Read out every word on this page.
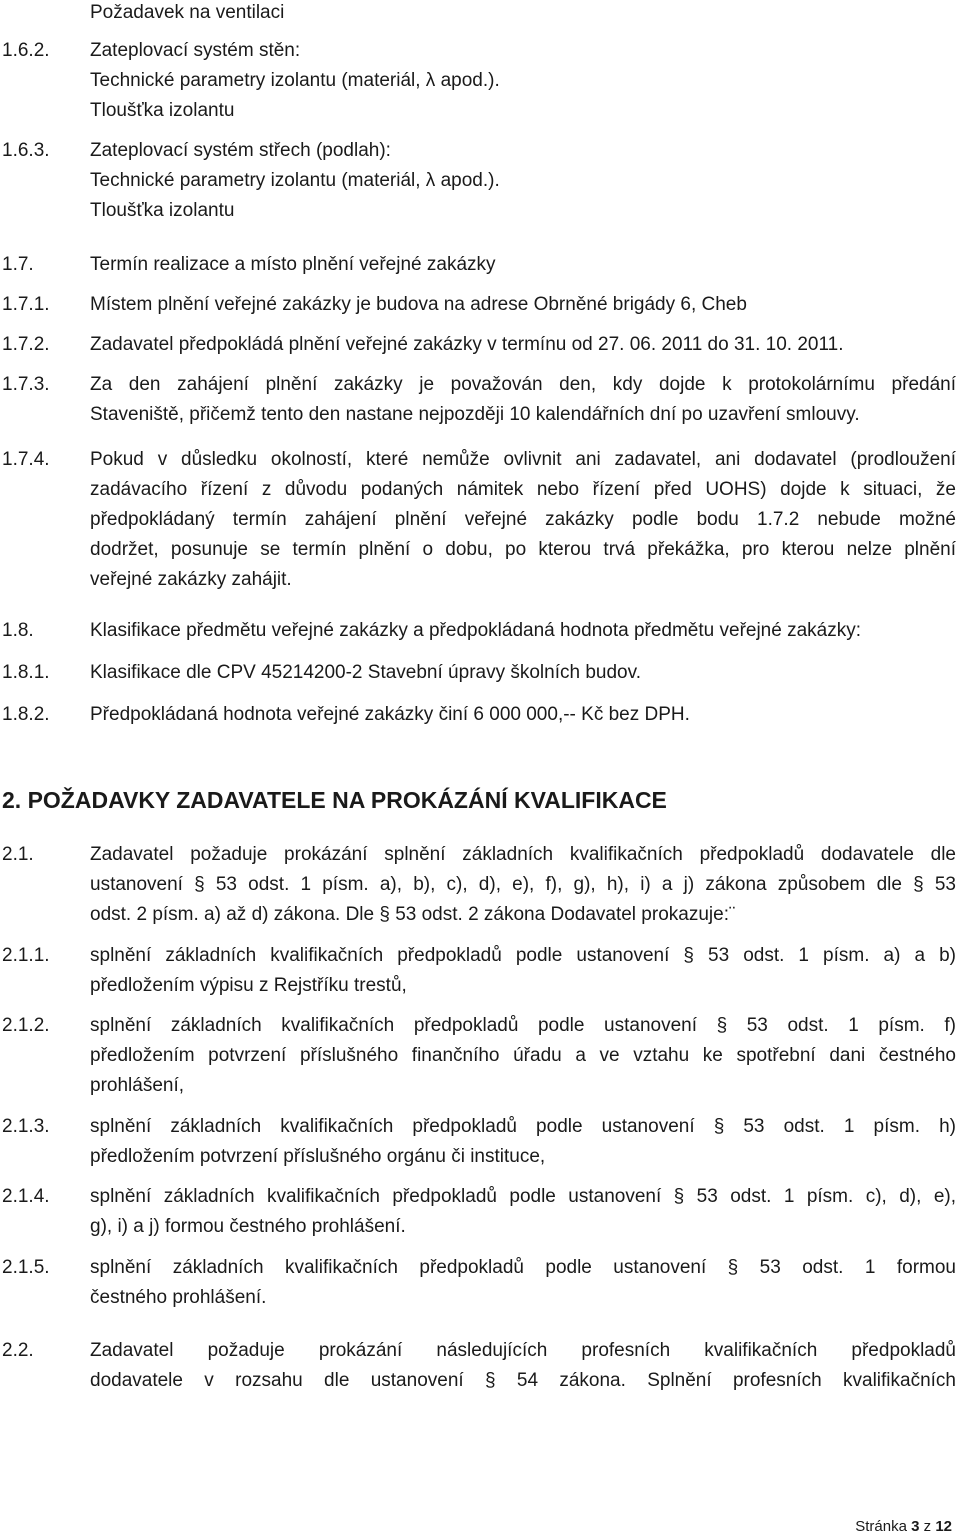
Požadavek na ventilaci
1.6.2. Zateplovací systém stěn:
Technické parametry izolantu (materiál, λ apod.).
Tloušťka izolantu
1.6.3. Zateplovací systém střech (podlah):
Technické parametry izolantu (materiál, λ apod.).
Tloušťka izolantu
1.7.	Termín realizace a místo plnění veřejné zakázky
1.7.1. Místem plnění veřejné zakázky je budova na adrese Obrněné brigády 6, Cheb
1.7.2. Zadavatel předpokládá plnění veřejné zakázky v termínu od 27. 06. 2011 do 31. 10. 2011.
1.7.3. Za den zahájení plnění zakázky je považován den, kdy dojde k protokolárnímu předání
Staveniště, přičemž tento den nastane nejpozději 10 kalendářních dní po uzavření smlouvy.
1.7.4. Pokud v důsledku okolností, které nemůže ovlivnit ani zadavatel, ani dodavatel (prodloužení
zadávacího řízení z důvodu podaných námitek nebo řízení před UOHS) dojde k situaci, že
předpokládaný termín zahájení plnění veřejné zakázky podle bodu 1.7.2 nebude možné
dodržet, posunuje se termín plnění o dobu, po kterou trvá překážka, pro kterou nelze plnění
veřejné zakázky zahájit.
1.8.	Klasifikace předmětu veřejné zakázky a předpokládaná hodnota předmětu veřejné zakázky:
1.8.1. Klasifikace dle CPV 45214200-2 Stavební úpravy školních budov.
1.8.2. Předpokládaná hodnota veřejné zakázky činí 6 000 000,-- Kč bez DPH.
2.1.	Zadavatel požaduje prokázání splnění základních kvalifikačních předpokladů dodavatele dle
ustanovení § 53 odst. 1 písm. a), b), c), d), e), f), g), h), i) a j) zákona způsobem dle § 53
odst. 2 písm. a) až d) zákona. Dle § 53 odst. 2 zákona Dodavatel prokazuje:¨
2.1.1. splnění základních kvalifikačních předpokladů podle ustanovení § 53 odst. 1 písm. a) a b)
předložením výpisu z Rejstříku trestů,
2.1.2. splnění základních kvalifikačních předpokladů podle ustanovení § 53 odst. 1 písm. f)
předložením potvrzení příslušného finančního úřadu a ve vztahu ke spotřební dani čestného
prohlášení,
2.1.3. splnění základních kvalifikačních předpokladů podle ustanovení § 53 odst. 1 písm. h)
předložením potvrzení příslušného orgánu či instituce,
2.1.4. splnění základních kvalifikačních předpokladů podle ustanovení § 53 odst. 1 písm. c), d), e),
g), i) a j) formou čestného prohlášení.
2.1.5. splnění základních kvalifikačních předpokladů podle ustanovení § 53 odst. 1 formou
čestného prohlášení.
2.2.	Zadavatel požaduje prokázání následujících profesních kvalifikačních předpokladů
dodavatele v rozsahu dle ustanovení § 54 zákona. Splnění profesních kvalifikačních
2. POŽADAVKY ZADAVATELE NA PROKÁZÁNÍ KVALIFIKACE
Stránka 3 z 12
